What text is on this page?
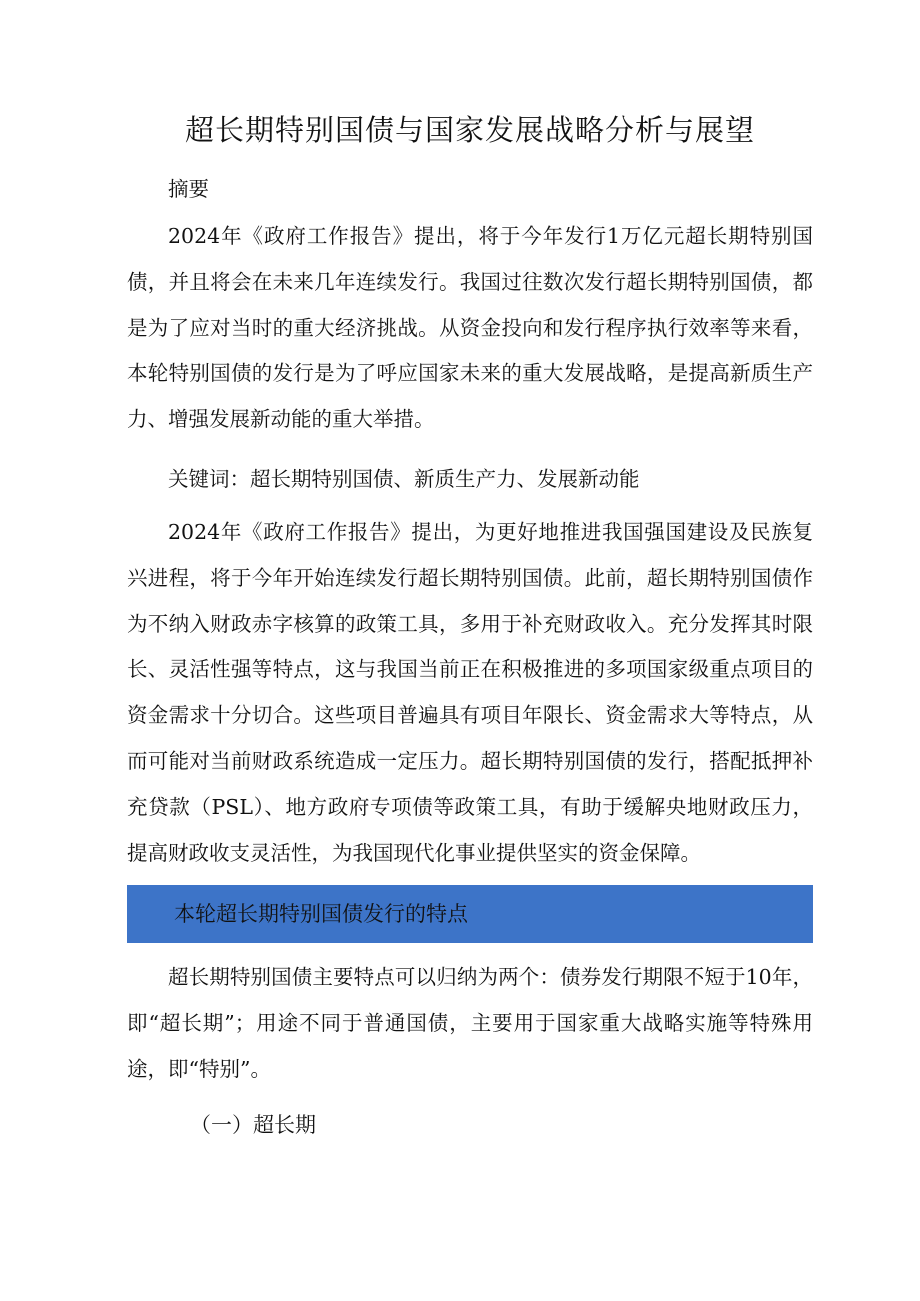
超长期特别国债与国家发展战略分析与展望

摘要

2024年《政府工作报告》提出，将于今年发行1万亿元超长期特别国债，并且将会在未来几年连续发行。我国过往数次发行超长期特别国债，都是为了应对当时的重大经济挑战。从资金投向和发行程序执行效率等来看，本轮特别国债的发行是为了呼应国家未来的重大发展战略，是提高新质生产力、增强发展新动能的重大举措。

关键词：超长期特别国债、新质生产力、发展新动能

2024年《政府工作报告》提出，为更好地推进我国强国建设及民族复兴进程，将于今年开始连续发行超长期特别国债。此前，超长期特别国债作为不纳入财政赤字核算的政策工具，多用于补充财政收入。充分发挥其时限长、灵活性强等特点，这与我国当前正在积极推进的多项国家级重点项目的资金需求十分切合。这些项目普遍具有项目年限长、资金需求大等特点，从而可能对当前财政系统造成一定压力。超长期特别国债的发行，搭配抵押补充贷款（PSL）、地方政府专项债等政策工具，有助于缓解央地财政压力，提高财政收支灵活性，为我国现代化事业提供坚实的资金保障。

本轮超长期特别国债发行的特点

超长期特别国债主要特点可以归纳为两个：债券发行期限不短于10年，即“超长期”；用途不同于普通国债，主要用于国家重大战略实施等特殊用途，即“特别”。

（一）超长期
